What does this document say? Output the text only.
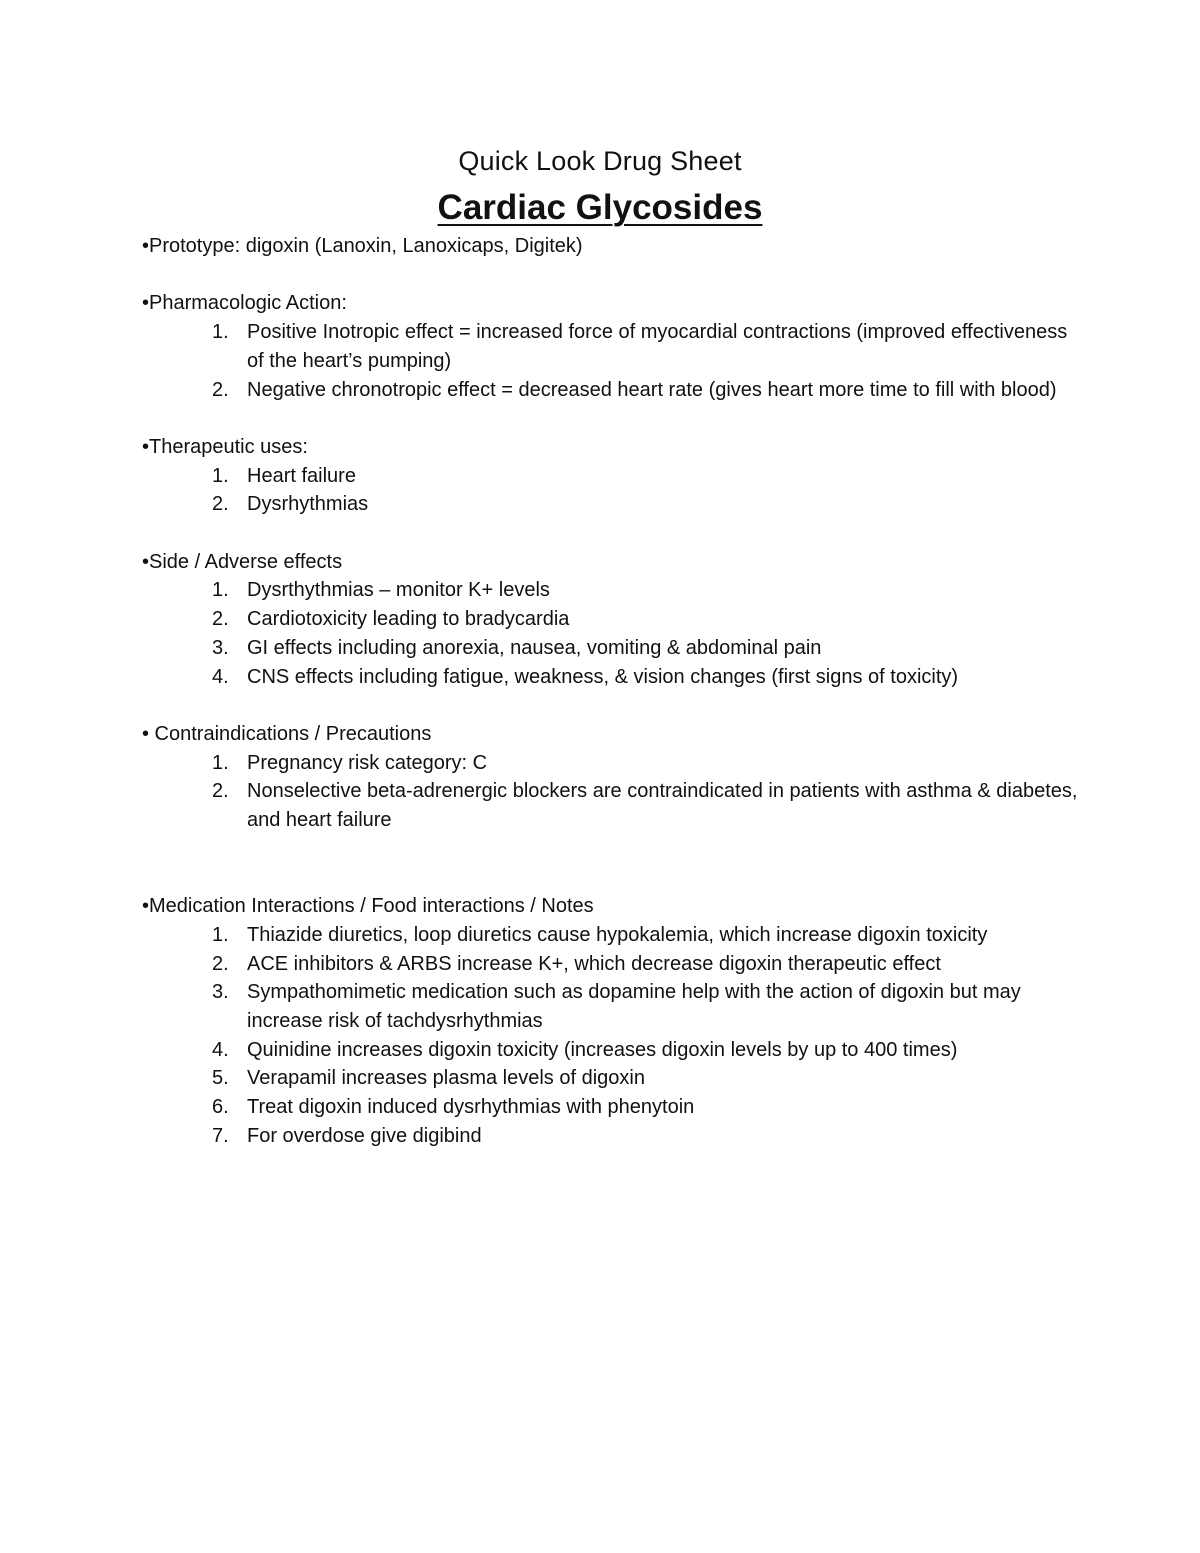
Quick Look Drug Sheet
Cardiac Glycosides

•Prototype: digoxin (Lanoxin, Lanoxicaps, Digitek)

•Pharmacologic Action:

1. Positive Inotropic effect = increased force of myocardial contractions (improved effectiveness of the heart’s pumping)
2. Negative chronotropic effect = decreased heart rate (gives heart more time to fill with blood)

•Therapeutic uses:

1. Heart failure
2. Dysrhythmias

•Side / Adverse effects

1. Dysrthythmias – monitor K+ levels
2. Cardiotoxicity leading to bradycardia
3. GI effects including anorexia, nausea, vomiting & abdominal pain
4. CNS effects including fatigue, weakness, & vision changes (first signs of toxicity)

• Contraindications / Precautions

1. Pregnancy risk category: C
2. Nonselective beta-adrenergic blockers are contraindicated in patients with asthma & diabetes, and heart failure

•Medication Interactions / Food interactions / Notes

1. Thiazide diuretics, loop diuretics cause hypokalemia, which increase digoxin toxicity
2. ACE inhibitors & ARBS increase K+, which decrease digoxin therapeutic effect
3. Sympathomimetic medication such as dopamine help with the action of digoxin but may increase risk of tachdysrhythmias
4. Quinidine increases digoxin toxicity (increases digoxin levels by up to 400 times)
5. Verapamil increases plasma levels of digoxin
6. Treat digoxin induced dysrhythmias with phenytoin
7. For overdose give digibind
